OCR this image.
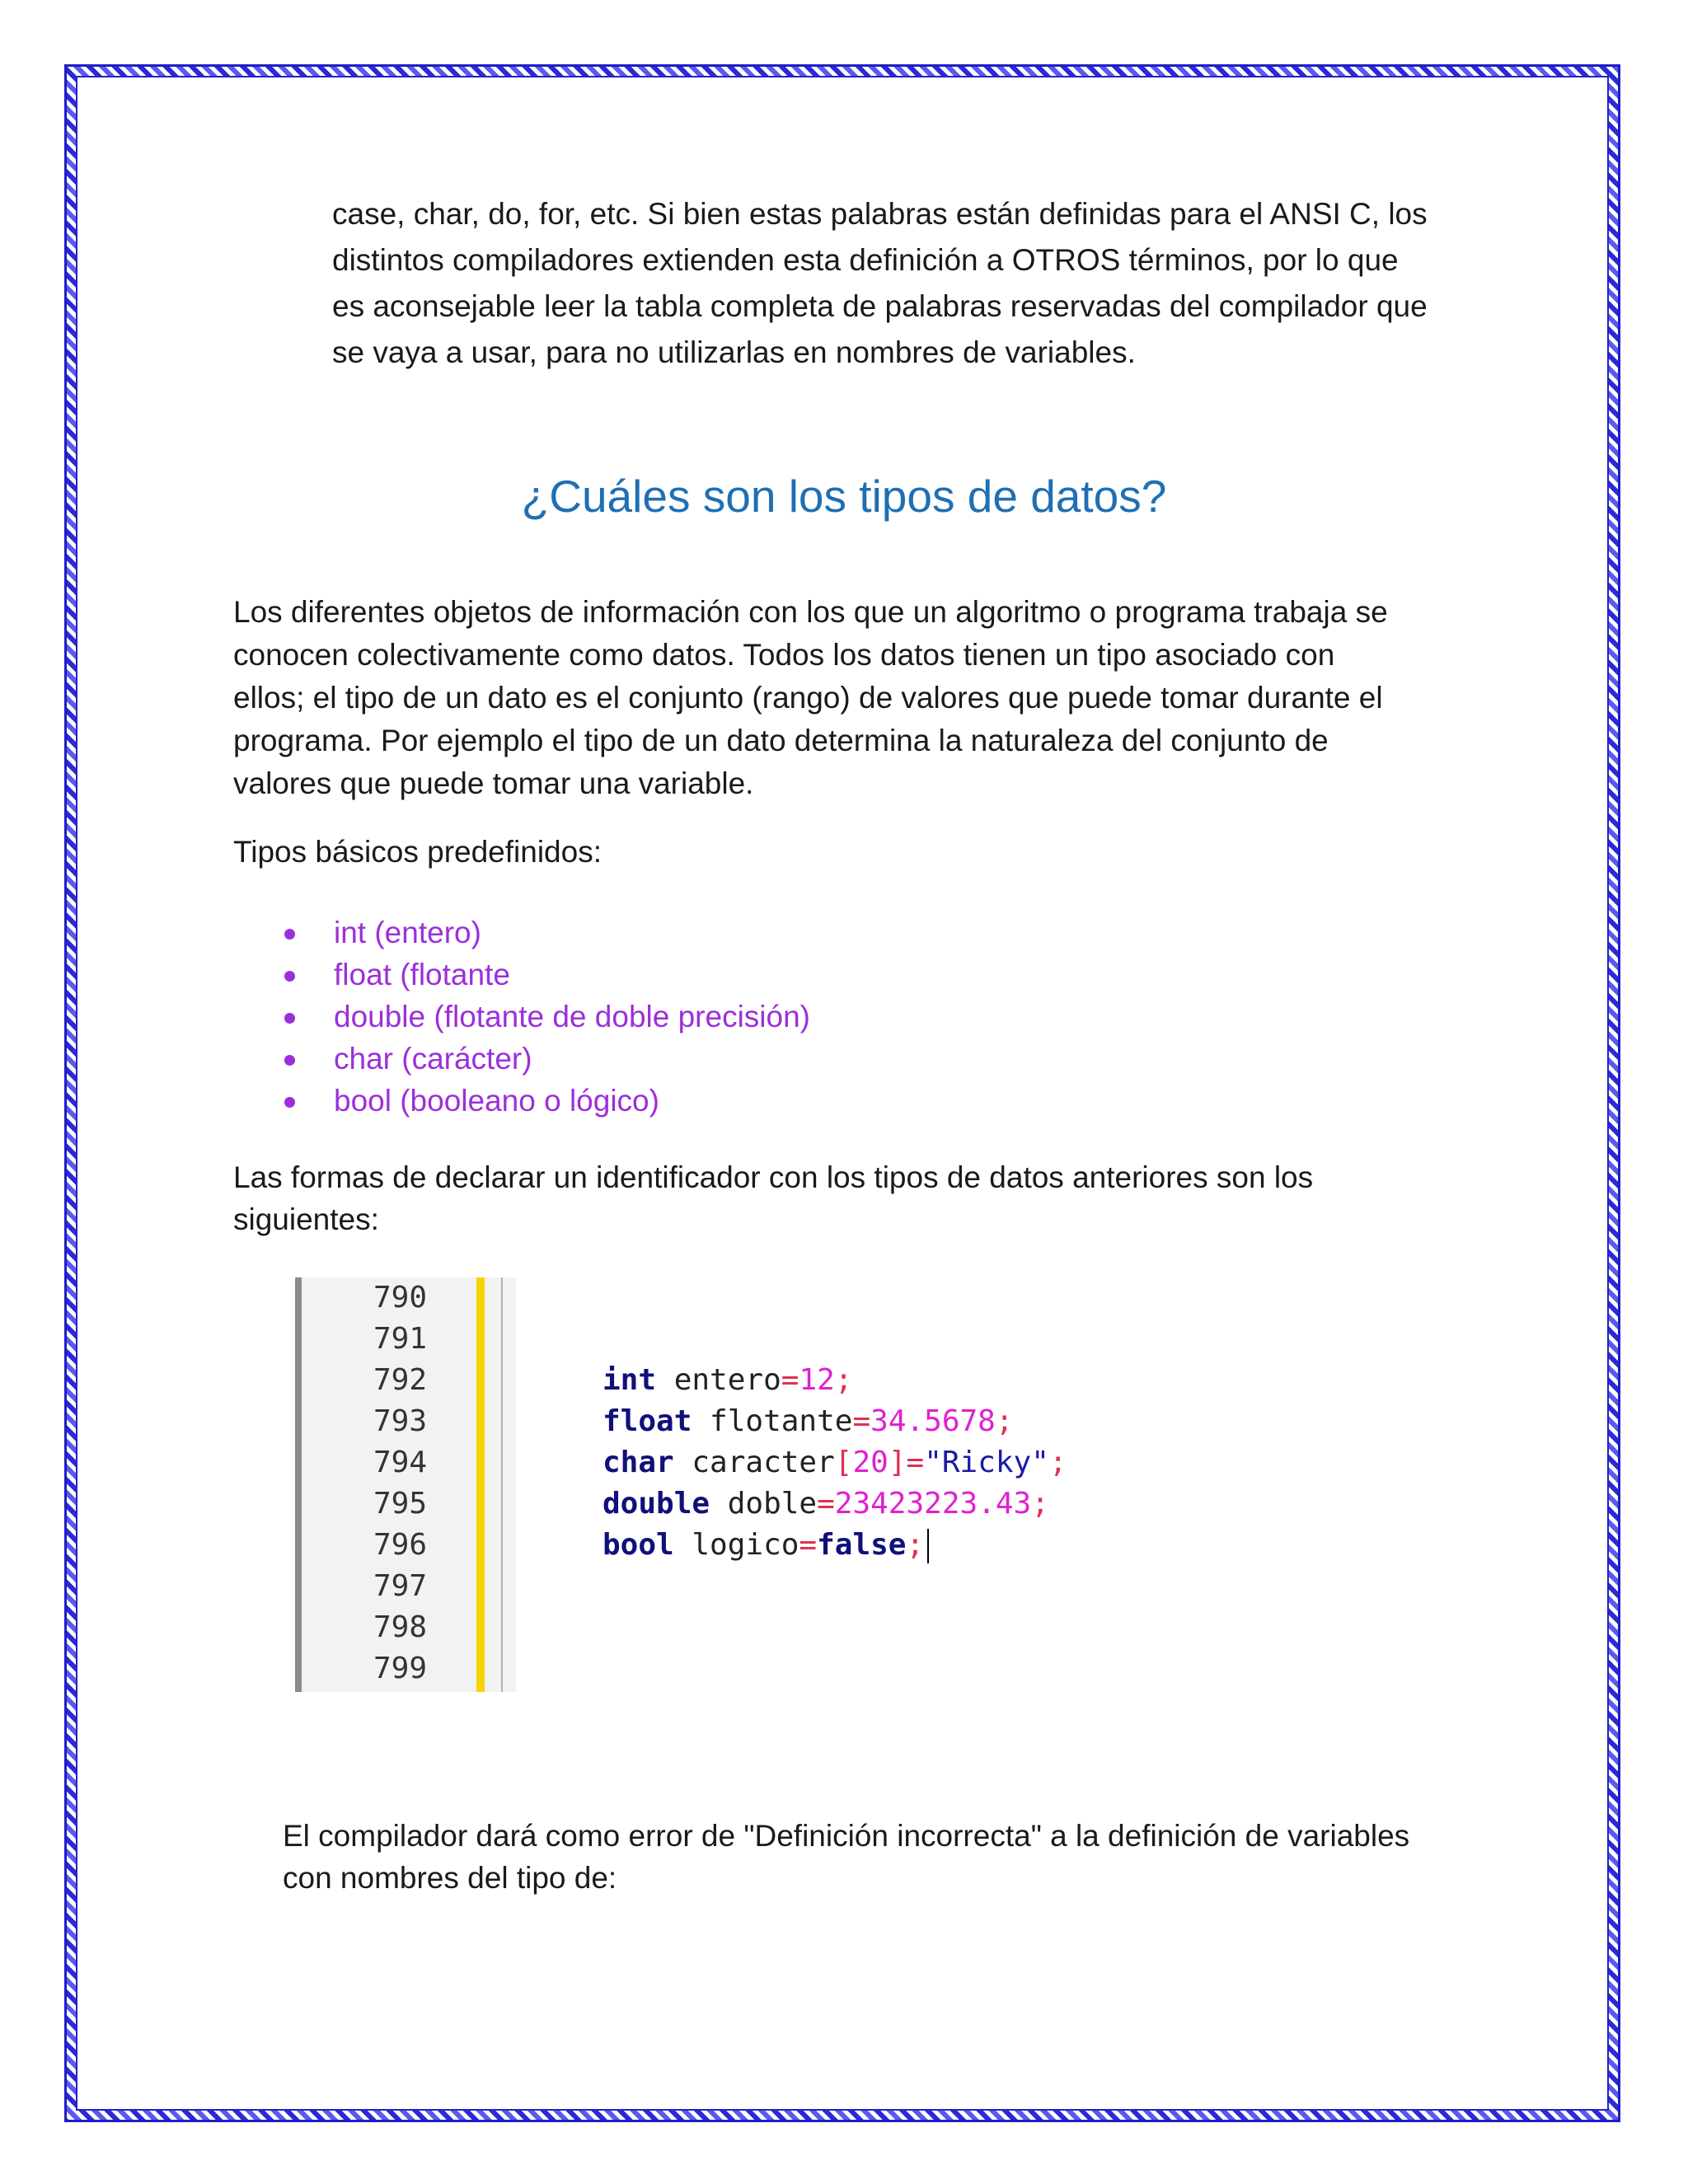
case, char, do, for, etc. Si bien estas palabras están definidas para el ANSI C, los
distintos compiladores extienden esta definición a OTROS términos, por lo que
es aconsejable leer la tabla completa de palabras reservadas del compilador que
se vaya a usar, para no utilizarlas en nombres de variables.
¿Cuáles son los tipos de datos?
Los diferentes objetos de información con los que un algoritmo o programa trabaja se
conocen colectivamente como datos. Todos los datos tienen un tipo asociado con
ellos; el tipo de un dato es el conjunto (rango) de valores que puede tomar durante el
programa. Por ejemplo el tipo de un dato determina la naturaleza del conjunto de
valores que puede tomar una variable.
Tipos básicos predefinidos:
int (entero)
float (flotante
double (flotante de doble precisión)
char (carácter)
bool (booleano o lógico)
Las formas de declarar un identificador con los tipos de datos anteriores son los
siguientes:
790
791
792
793
794
795
796
797
798
799
int entero=12;
float flotante=34.5678;
char caracter[20]="Ricky";
double doble=23423223.43;
bool logico=false;
El compilador dará como error de "Definición incorrecta" a la definición de variables
con nombres del tipo de:
